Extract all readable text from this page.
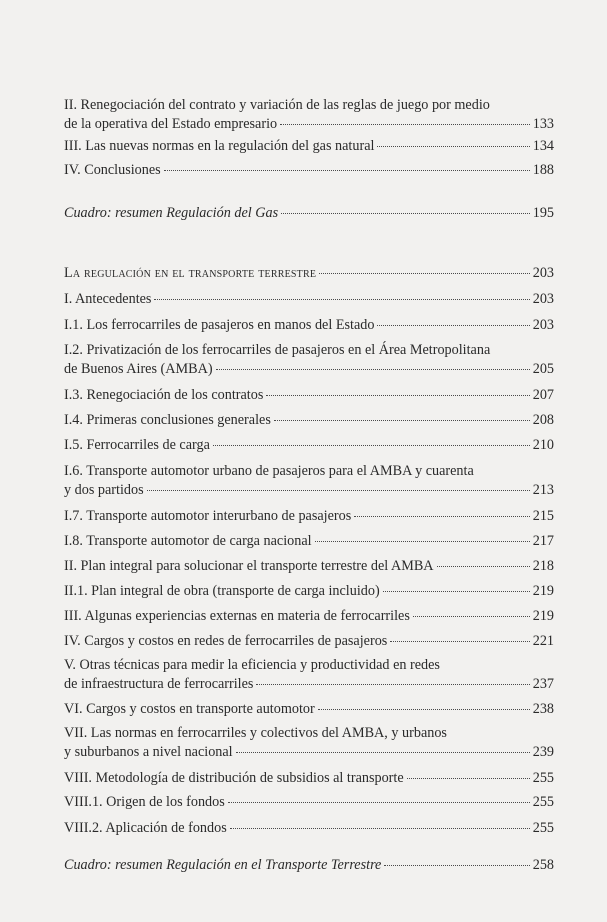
II. Renegociación del contrato y variación de las reglas de juego por medio
de la operativa del Estado empresario	133
III. Las nuevas normas en la regulación del gas natural	134
IV. Conclusiones	188
Cuadro: resumen Regulación del Gas	195
La regulación en el transporte terrestre	203
I. Antecedentes	203
I.1. Los ferrocarriles de pasajeros en manos del Estado	203
I.2. Privatización de los ferrocarriles de pasajeros en el Área Metropolitana
de Buenos Aires (AMBA)	205
I.3. Renegociación de los contratos	207
I.4. Primeras conclusiones generales	208
I.5. Ferrocarriles de carga	210
I.6. Transporte automotor urbano de pasajeros para el AMBA y cuarenta
y dos partidos	213
I.7. Transporte automotor interurbano de pasajeros	215
I.8. Transporte automotor de carga nacional	217
II. Plan integral para solucionar el transporte terrestre del AMBA	218
II.1. Plan integral de obra (transporte de carga incluido)	219
III. Algunas experiencias externas en materia de ferrocarriles	219
IV. Cargos y costos en redes de ferrocarriles de pasajeros	221
V. Otras técnicas para medir la eficiencia y productividad en redes
de infraestructura de ferrocarriles	237
VI. Cargos y costos en transporte automotor	238
VII. Las normas en ferrocarriles y colectivos del AMBA, y urbanos
y suburbanos a nivel nacional	239
VIII. Metodología de distribución de subsidios al transporte	255
VIII.1. Origen de los fondos	255
VIII.2. Aplicación de fondos	255
Cuadro: resumen Regulación en el Transporte Terrestre	258
